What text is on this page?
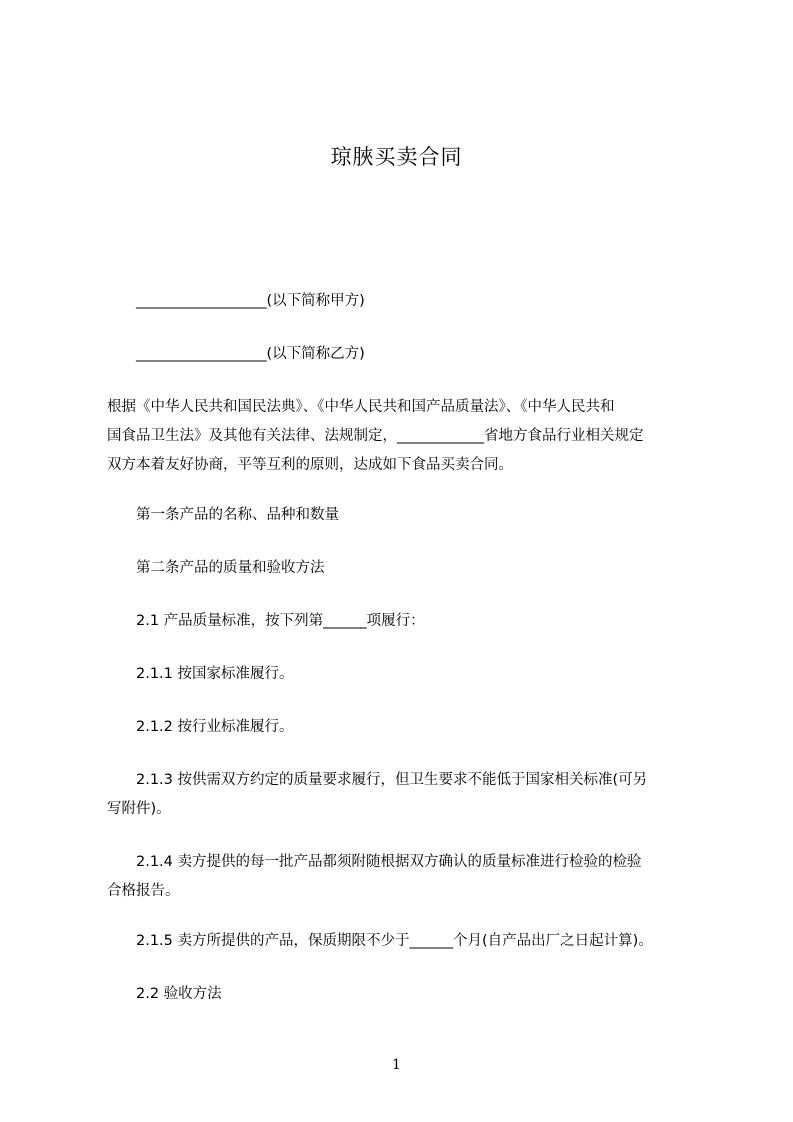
琼脥买卖合同
__________________(以下简称甲方)
__________________(以下简称乙方)
根据《中华人民共和国民法典》、《中华人民共和国产品质量法》、《中华人民共和
国食品卫生法》及其他有关法律、法规制定，____________省地方食品行业相关规定
双方本着友好协商，平等互利的原则，达成如下食品买卖合同。
第一条产品的名称、品种和数量
第二条产品的质量和验收方法
2.1 产品质量标准，按下列第______项履行：
2.1.1 按国家标准履行。
2.1.2 按行业标准履行。
2.1.3 按供需双方约定的质量要求履行，但卫生要求不能低于国家相关标准(可另
写附件)。
2.1.4 卖方提供的每一批产品都须附随根据双方确认的质量标准进行检验的检验
合格报告。
2.1.5 卖方所提供的产品，保质期限不少于______个月(自产品出厂之日起计算)。
2.2 验收方法
1
